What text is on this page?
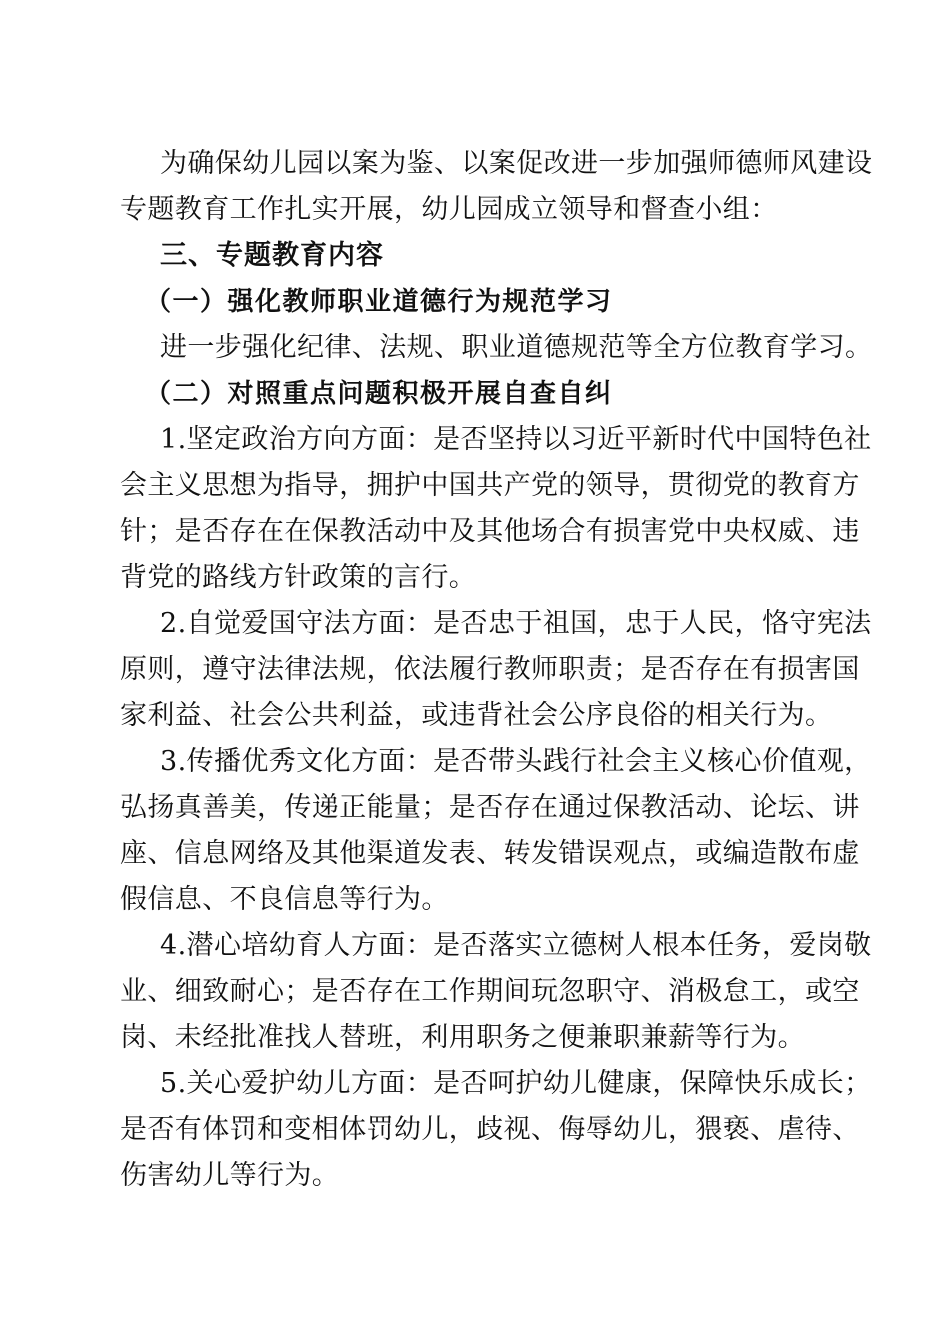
为确保幼儿园以案为鉴、以案促改进一步加强师德师风建设
专题教育工作扎实开展，幼儿园成立领导和督查小组：
三、专题教育内容
（一）强化教师职业道德行为规范学习
进一步强化纪律、法规、职业道德规范等全方位教育学习。
（二）对照重点问题积极开展自查自纠
1.坚定政治方向方面：是否坚持以习近平新时代中国特色社
会主义思想为指导，拥护中国共产党的领导，贯彻党的教育方
针；是否存在在保教活动中及其他场合有损害党中央权威、违
背党的路线方针政策的言行。
2.自觉爱国守法方面：是否忠于祖国，忠于人民，恪守宪法
原则，遵守法律法规，依法履行教师职责；是否存在有损害国
家利益、社会公共利益，或违背社会公序良俗的相关行为。
3.传播优秀文化方面：是否带头践行社会主义核心价值观，
弘扬真善美，传递正能量；是否存在通过保教活动、论坛、讲
座、信息网络及其他渠道发表、转发错误观点，或编造散布虚
假信息、不良信息等行为。
4.潜心培幼育人方面：是否落实立德树人根本任务，爱岗敬
业、细致耐心；是否存在工作期间玩忽职守、消极怠工，或空
岗、未经批准找人替班，利用职务之便兼职兼薪等行为。
5.关心爱护幼儿方面：是否呵护幼儿健康，保障快乐成长；
是否有体罚和变相体罚幼儿，歧视、侮辱幼儿，猥亵、虐待、
伤害幼儿等行为。
